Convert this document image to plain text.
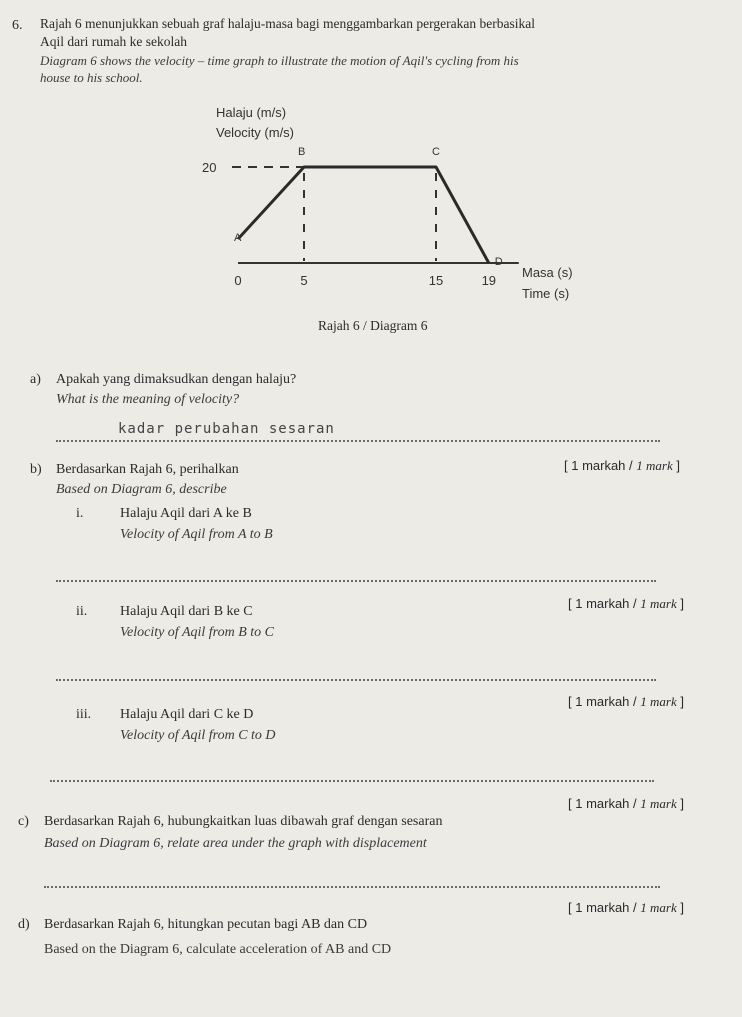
6. Rajah 6 menunjukkan sebuah graf halaju-masa bagi menggambarkan pergerakan berbasikal
Aqil dari rumah ke sekolah
Diagram 6 shows the velocity – time graph to illustrate the motion of Aqil's cycling from his
house to his school.
A
B	C
D
20
0	5	15	19
Halaju (m/s)
Velocity (m/s)
Masa (s)
Time (s)
Rajah 6 / Diagram 6
a) Apakah yang dimaksudkan dengan halaju?
What is the meaning of velocity?
kadar perubahan sesaran
[ 1 markah / 1 mark ]
b) Berdasarkan Rajah 6, perihalkan
Based on Diagram 6, describe
i.	Halaju Aqil dari A ke B
Velocity of Aqil from A to B
[ 1 markah / 1 mark ]
ii. Halaju Aqil dari B ke C
Velocity of Aqil from B to C
[ 1 markah / 1 mark ]
iii. Halaju Aqil dari C ke D
Velocity of Aqil from C to D
[ 1 markah / 1 mark ]
c) Berdasarkan Rajah 6, hubungkaitkan luas dibawah graf dengan sesaran
Based on Diagram 6, relate area under the graph with displacement
[ 1 markah / 1 mark ]
d) Berdasarkan Rajah 6, hitungkan pecutan bagi AB dan CD
Based on the Diagram 6, calculate acceleration of AB and CD
